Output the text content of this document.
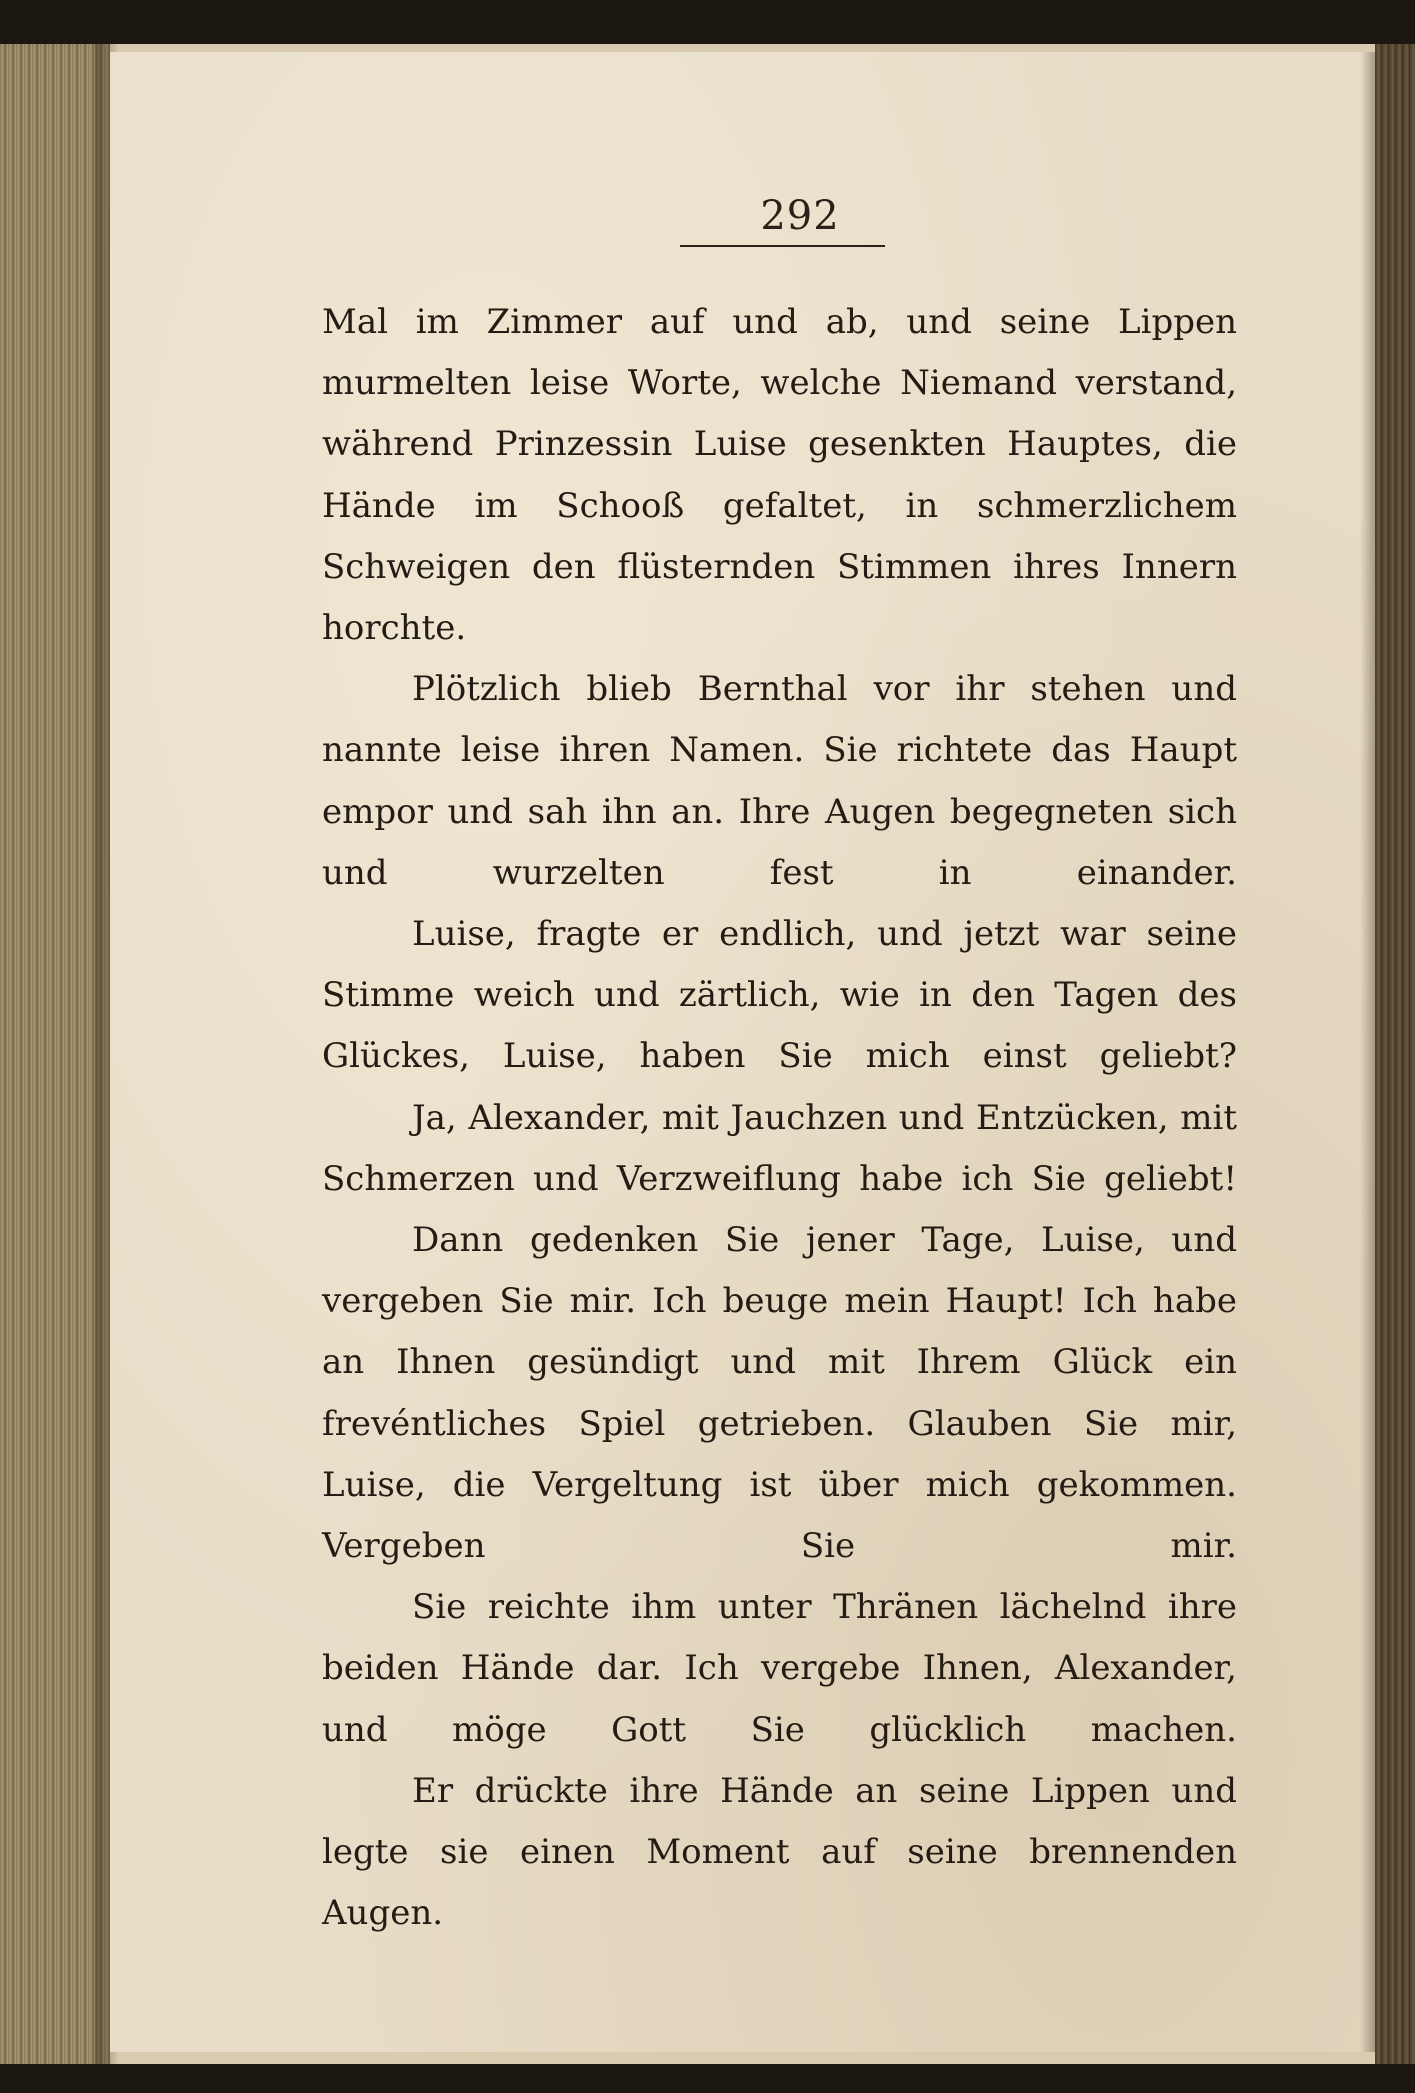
292

Mal im Zimmer auf und ab, und seine Lippen murmelten leise Worte, welche Niemand verstand, während Prinzessin Luise gesenkten Hauptes, die Hände im Schooß gefaltet, in schmerzlichem Schweigen den flüsternden Stimmen ihres Innern horchte.

Plötzlich blieb Bernthal vor ihr stehen und nannte leise ihren Namen. Sie richtete das Haupt empor und sah ihn an. Ihre Augen begegneten sich und wurzelten fest in einander.

Luise, fragte er endlich, und jetzt war seine Stimme weich und zärtlich, wie in den Tagen des Glückes, Luise, haben Sie mich einst geliebt?

Ja, Alexander, mit Jauchzen und Entzücken, mit Schmerzen und Verzweiflung habe ich Sie geliebt!

Dann gedenken Sie jener Tage, Luise, und vergeben Sie mir. Ich beuge mein Haupt! Ich habe an Ihnen gesündigt und mit Ihrem Glück ein frevéntliches Spiel getrieben. Glauben Sie mir, Luise, die Vergeltung ist über mich gekommen. Vergeben Sie mir.

Sie reichte ihm unter Thränen lächelnd ihre beiden Hände dar. Ich vergebe Ihnen, Alexander, und möge Gott Sie glücklich machen.

Er drückte ihre Hände an seine Lippen und legte sie einen Moment auf seine brennenden Augen.
